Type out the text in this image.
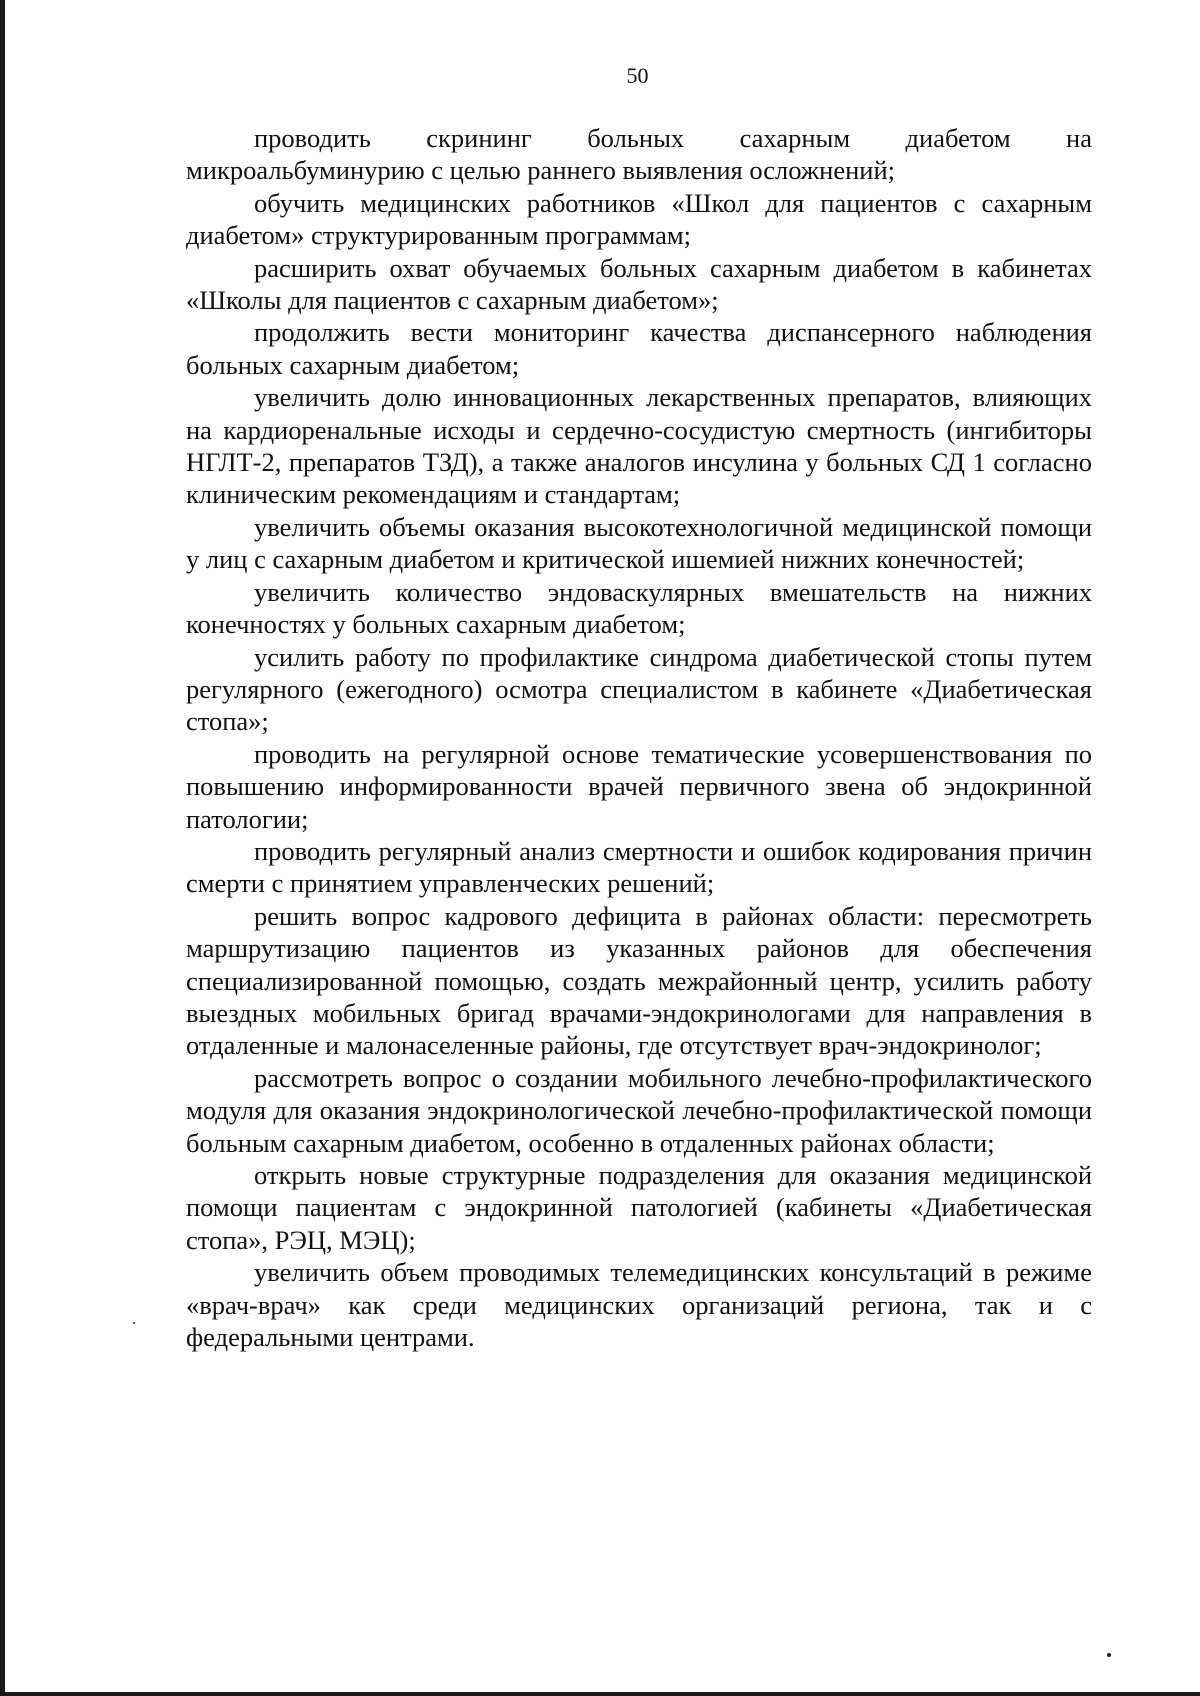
50

проводить скрининг больных сахарным диабетом на микроальбуминурию с целью раннего выявления осложнений;

обучить медицинских работников «Школ для пациентов с сахарным диабетом» структурированным программам;

расширить охват обучаемых больных сахарным диабетом в кабинетах «Школы для пациентов с сахарным диабетом»;

продолжить вести мониторинг качества диспансерного наблюдения больных сахарным диабетом;

увеличить долю инновационных лекарственных препаратов, влияющих на кардиоренальные исходы и сердечно-сосудистую смертность (ингибиторы НГЛТ-2, препаратов ТЗД), а также аналогов инсулина у больных СД 1 согласно клиническим рекомендациям и стандартам;

увеличить объемы оказания высокотехнологичной медицинской помощи у лиц с сахарным диабетом и критической ишемией нижних конечностей;

увеличить количество эндоваскулярных вмешательств на нижних конечностях у больных сахарным диабетом;

усилить работу по профилактике синдрома диабетической стопы путем регулярного (ежегодного) осмотра специалистом в кабинете «Диабетическая стопа»;

проводить на регулярной основе тематические усовершенствования по повышению информированности врачей первичного звена об эндокринной патологии;

проводить регулярный анализ смертности и ошибок кодирования причин смерти с принятием управленческих решений;

решить вопрос кадрового дефицита в районах области: пересмотреть маршрутизацию пациентов из указанных районов для обеспечения специализированной помощью, создать межрайонный центр, усилить работу выездных мобильных бригад врачами-эндокринологами для направления в отдаленные и малонаселенные районы, где отсутствует врач-эндокринолог;

рассмотреть вопрос о создании мобильного лечебно-профилактического модуля для оказания эндокринологической лечебно-профилактической помощи больным сахарным диабетом, особенно в отдаленных районах области;

открыть новые структурные подразделения для оказания медицинской помощи пациентам с эндокринной патологией (кабинеты «Диабетическая стопа», РЭЦ, МЭЦ);

увеличить объем проводимых телемедицинских консультаций в режиме «врач-врач» как среди медицинских организаций региона, так и с федеральными центрами.
